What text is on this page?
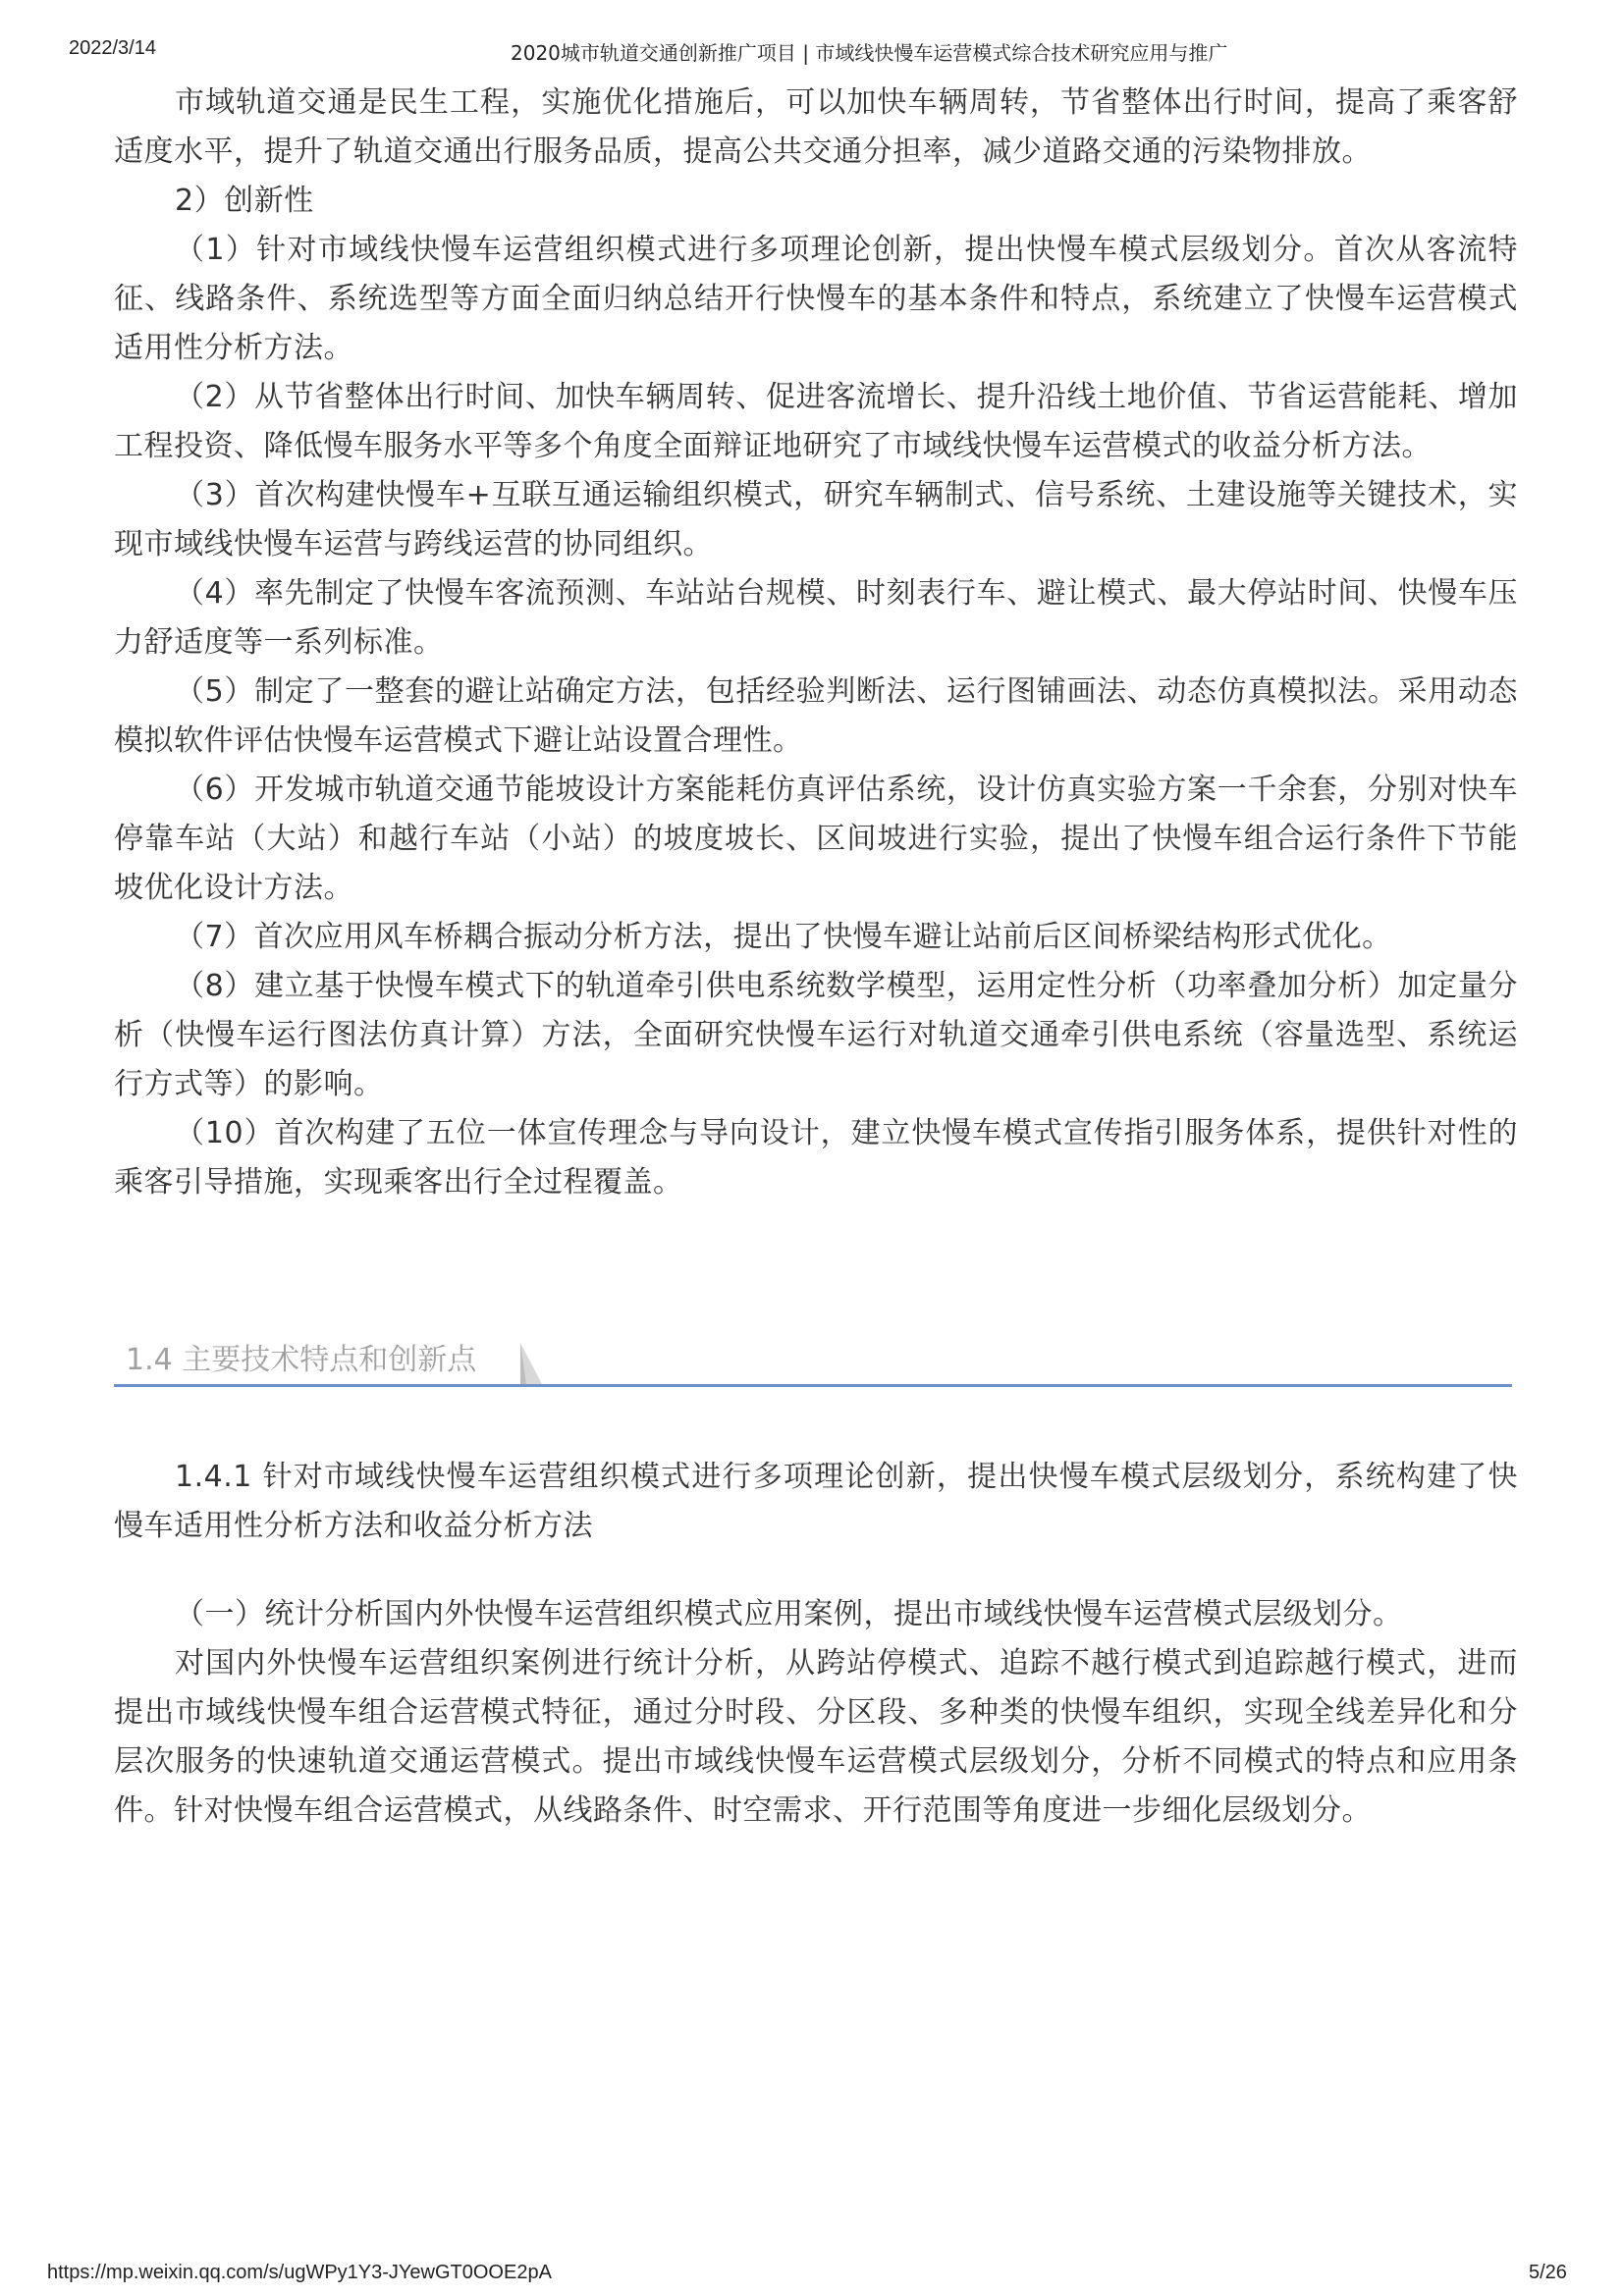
2022/3/14	2020城市轨道交通创新推广项目 | 市域线快慢车运营模式综合技术研究应用与推广

市域轨道交通是民生工程，实施优化措施后，可以加快车辆周转，节省整体出行时间，提高了乘客舒适度水平，提升了轨道交通出行服务品质，提高公共交通分担率，减少道路交通的污染物排放。

2）创新性

（1）针对市域线快慢车运营组织模式进行多项理论创新，提出快慢车模式层级划分。首次从客流特征、线路条件、系统选型等方面全面归纳总结开行快慢车的基本条件和特点，系统建立了快慢车运营模式适用性分析方法。

（2）从节省整体出行时间、加快车辆周转、促进客流增长、提升沿线土地价值、节省运营能耗、增加工程投资、降低慢车服务水平等多个角度全面辩证地研究了市域线快慢车运营模式的收益分析方法。

（3）首次构建快慢车+互联互通运输组织模式，研究车辆制式、信号系统、土建设施等关键技术，实现市域线快慢车运营与跨线运营的协同组织。

（4）率先制定了快慢车客流预测、车站站台规模、时刻表行车、避让模式、最大停站时间、快慢车压力舒适度等一系列标准。

（5）制定了一整套的避让站确定方法，包括经验判断法、运行图铺画法、动态仿真模拟法。采用动态模拟软件评估快慢车运营模式下避让站设置合理性。

（6）开发城市轨道交通节能坡设计方案能耗仿真评估系统，设计仿真实验方案一千余套，分别对快车停靠车站（大站）和越行车站（小站）的坡度坡长、区间坡进行实验，提出了快慢车组合运行条件下节能坡优化设计方法。

（7）首次应用风车桥耦合振动分析方法，提出了快慢车避让站前后区间桥梁结构形式优化。

（8）建立基于快慢车模式下的轨道牵引供电系统数学模型，运用定性分析（功率叠加分析）加定量分析（快慢车运行图法仿真计算）方法，全面研究快慢车运行对轨道交通牵引供电系统（容量选型、系统运行方式等）的影响。

（10）首次构建了五位一体宣传理念与导向设计，建立快慢车模式宣传指引服务体系，提供针对性的乘客引导措施，实现乘客出行全过程覆盖。

1.4 主要技术特点和创新点

1.4.1 针对市域线快慢车运营组织模式进行多项理论创新，提出快慢车模式层级划分，系统构建了快慢车适用性分析方法和收益分析方法

（一）统计分析国内外快慢车运营组织模式应用案例，提出市域线快慢车运营模式层级划分。

对国内外快慢车运营组织案例进行统计分析，从跨站停模式、追踪不越行模式到追踪越行模式，进而提出市域线快慢车组合运营模式特征，通过分时段、分区段、多种类的快慢车组织，实现全线差异化和分层次服务的快速轨道交通运营模式。提出市域线快慢车运营模式层级划分，分析不同模式的特点和应用条件。针对快慢车组合运营模式，从线路条件、时空需求、开行范围等角度进一步细化层级划分。

https://mp.weixin.qq.com/s/ugWPy1Y3-JYewGT0OOE2pA	5/26
